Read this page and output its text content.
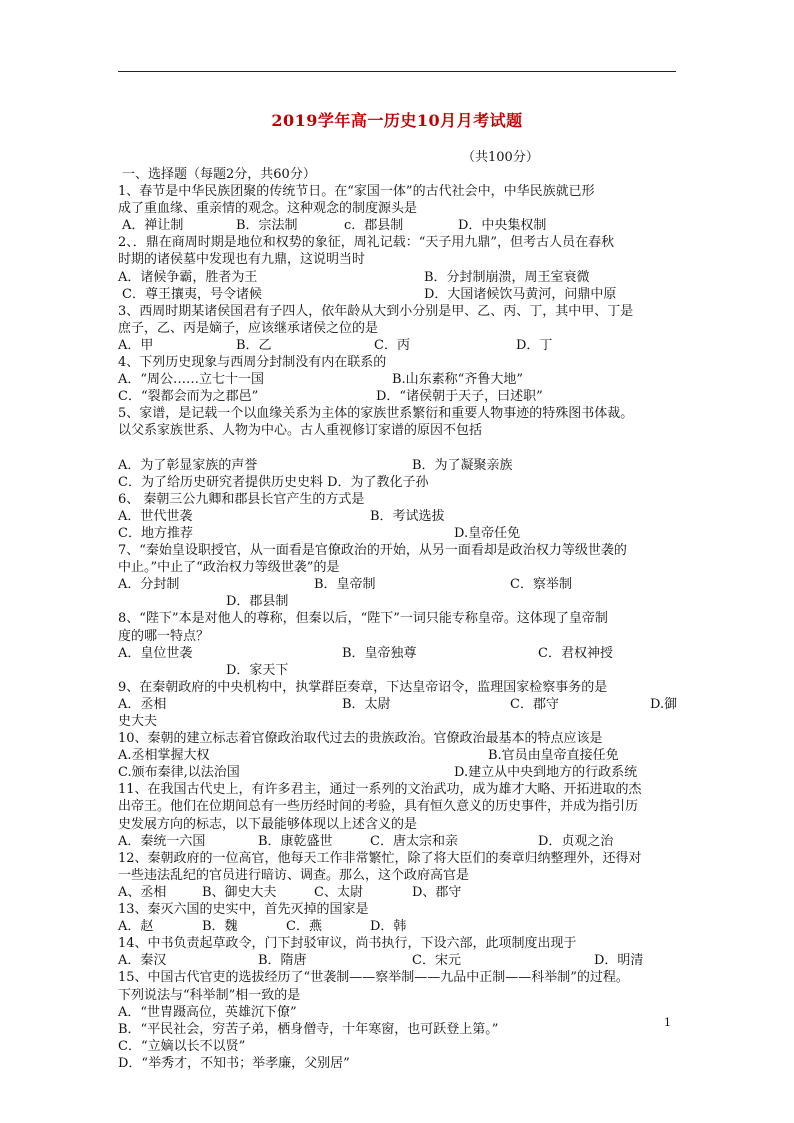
2019学年高一历史10月月考试题
（共100分）
一、选择题（每题2分，共60分）
1、春节是中华民族团聚的传统节日。在“家国一体”的古代社会中，中华民族就已形
成了重血缘、重亲情的观念。这种观念的制度源头是
A．禅让制	B．宗法制	c．郡县制	D．中央集权制
2、．鼎在商周时期是地位和权势的象征，周礼记载：“天子用九鼎”，但考古人员在春秋
时期的诸侯墓中发现也有九鼎，这说明当时
A．诸候争霸，胜者为王	B．分封制崩溃，周王室衰微
C．尊王攘夷，号令诸候	D．大国诸候饮马黄河，问鼎中原
3、西周时期某诸侯国君有子四人，依年龄从大到小分别是甲、乙、丙、丁，其中甲、丁是
庶子，乙、丙是嫡子，应该继承诸侯之位的是
A．甲	B．乙	C．丙	D．丁
4、下列历史现象与西周分封制没有内在联系的
A．“周公……立七十一国	B.山东素称“齐鲁大地”
C．“裂都会而为之郡邑”	D．“诸侯朝于天子，曰述职”
5、家谱，是记载一个以血缘关系为主体的家族世系繁衍和重要人物事迹的特殊图书体裁。
以父系家族世系、人物为中心。古人重视修订家谱的原因不包括
A．为了彰显家族的声誉	B．为了凝聚亲族
C．为了给历史研究者提供历史史料 D．为了教化子孙
6、 秦朝三公九卿和郡县长官产生的方式是
A．世代世袭	B．考试选拔
C．地方推荐	D.皇帝任免
7、“秦始皇设职授官，从一面看是官僚政治的开始，从另一面看却是政治权力等级世袭的
中止。”中止了“政治权力等级世袭”的是
A．分封制	B．皇帝制	C．察举制
D．郡县制
8、“陛下”本是对他人的尊称，但秦以后，“陛下”一词只能专称皇帝。这体现了皇帝制
度的哪一特点？
A．皇位世袭	B．皇帝独尊	C．君权神授
D．家天下
9、在秦朝政府的中央机构中，执掌群臣奏章，下达皇帝诏令，监理国家检察事务的是
A．丞相	B．太尉	C．郡守	D.御
史大夫
10、秦朝的建立标志着官僚政治取代过去的贵族政治。官僚政治最基本的特点应该是
A.丞相掌握大权	B.官员由皇帝直接任免
C.颁布秦律,以法治国	D.建立从中央到地方的行政系统
11、在我国古代史上，有许多君主，通过一系列的文治武功，成为雄才大略、开拓进取的杰
出帝王。他们在位期间总有一些历经时间的考验，具有恒久意义的历史事件，并成为指引历
史发展方向的标志，以下最能够体现以上述含义的是
A．秦统一六国	B．康乾盛世	C．唐太宗和亲	D．贞观之治
12、秦朝政府的一位高官，他每天工作非常繁忙，除了将大臣们的奏章归纳整理外，还得对
一些违法乱纪的官员进行暗访、调查。那么，这个政府高官是
A、丞相	B、御史大夫	C、太尉	D、郡守
13、秦灭六国的史实中，首先灭掉的国家是
A．赵	B．魏	C．燕	D．韩
14、中书负责起草政令，门下封驳审议，尚书执行，下设六部，此项制度出现于
A．秦汉	B．隋唐	C．宋元	D．明清
15、中国古代官吏的选拔经历了“世袭制——察举制——九品中正制——科举制”的过程。
下列说法与“科举制”相一致的是
A．“世胄蹑高位，英雄沉下僚”
B．“平民社会，穷苦子弟，栖身僧寺，十年寒窗，也可跃登上第。”
C．“立嫡以长不以贤”
D．“举秀才，不知书；举孝廉，父别居”
1
